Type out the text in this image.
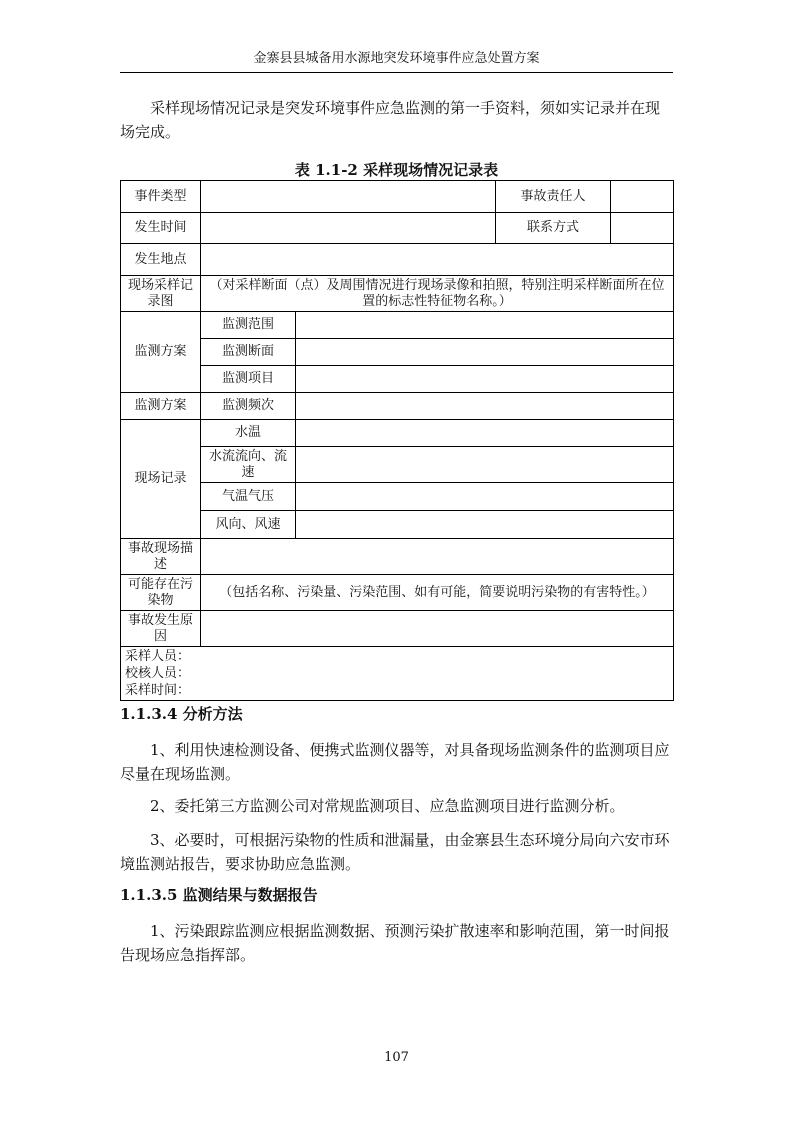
金寨县县城备用水源地突发环境事件应急处置方案

采样现场情况记录是突发环境事件应急监测的第一手资料，须如实记录并在现场完成。

表 1.1-2 采样现场情况记录表
事件类型			事故责任人	
发生时间			联系方式	
发生地点				
现场采样记录图	（对采样断面（点）及周围情况进行现场录像和拍照，特别注明采样断面所在位置的标志性特征物名称。）			
监测方案	监测范围			
	监测断面			
	监测项目			
监测方案	监测频次			
现场记录	水温			
	水流流向、流速			
	气温气压			
	风向、风速			
事故现场描述				
可能存在污染物	（包括名称、污染量、污染范围、如有可能，简要说明污染物的有害特性。）			
事故发生原因				

采样人员：
校核人员：
采样时间：				
1.1.3.4 分析方法

1、利用快速检测设备、便携式监测仪器等，对具备现场监测条件的监测项目应尽量在现场监测。

2、委托第三方监测公司对常规监测项目、应急监测项目进行监测分析。

3、必要时，可根据污染物的性质和泄漏量，由金寨县生态环境分局向六安市环境监测站报告，要求协助应急监测。

1.1.3.5 监测结果与数据报告

1、污染跟踪监测应根据监测数据、预测污染扩散速率和影响范围，第一时间报告现场应急指挥部。

107
